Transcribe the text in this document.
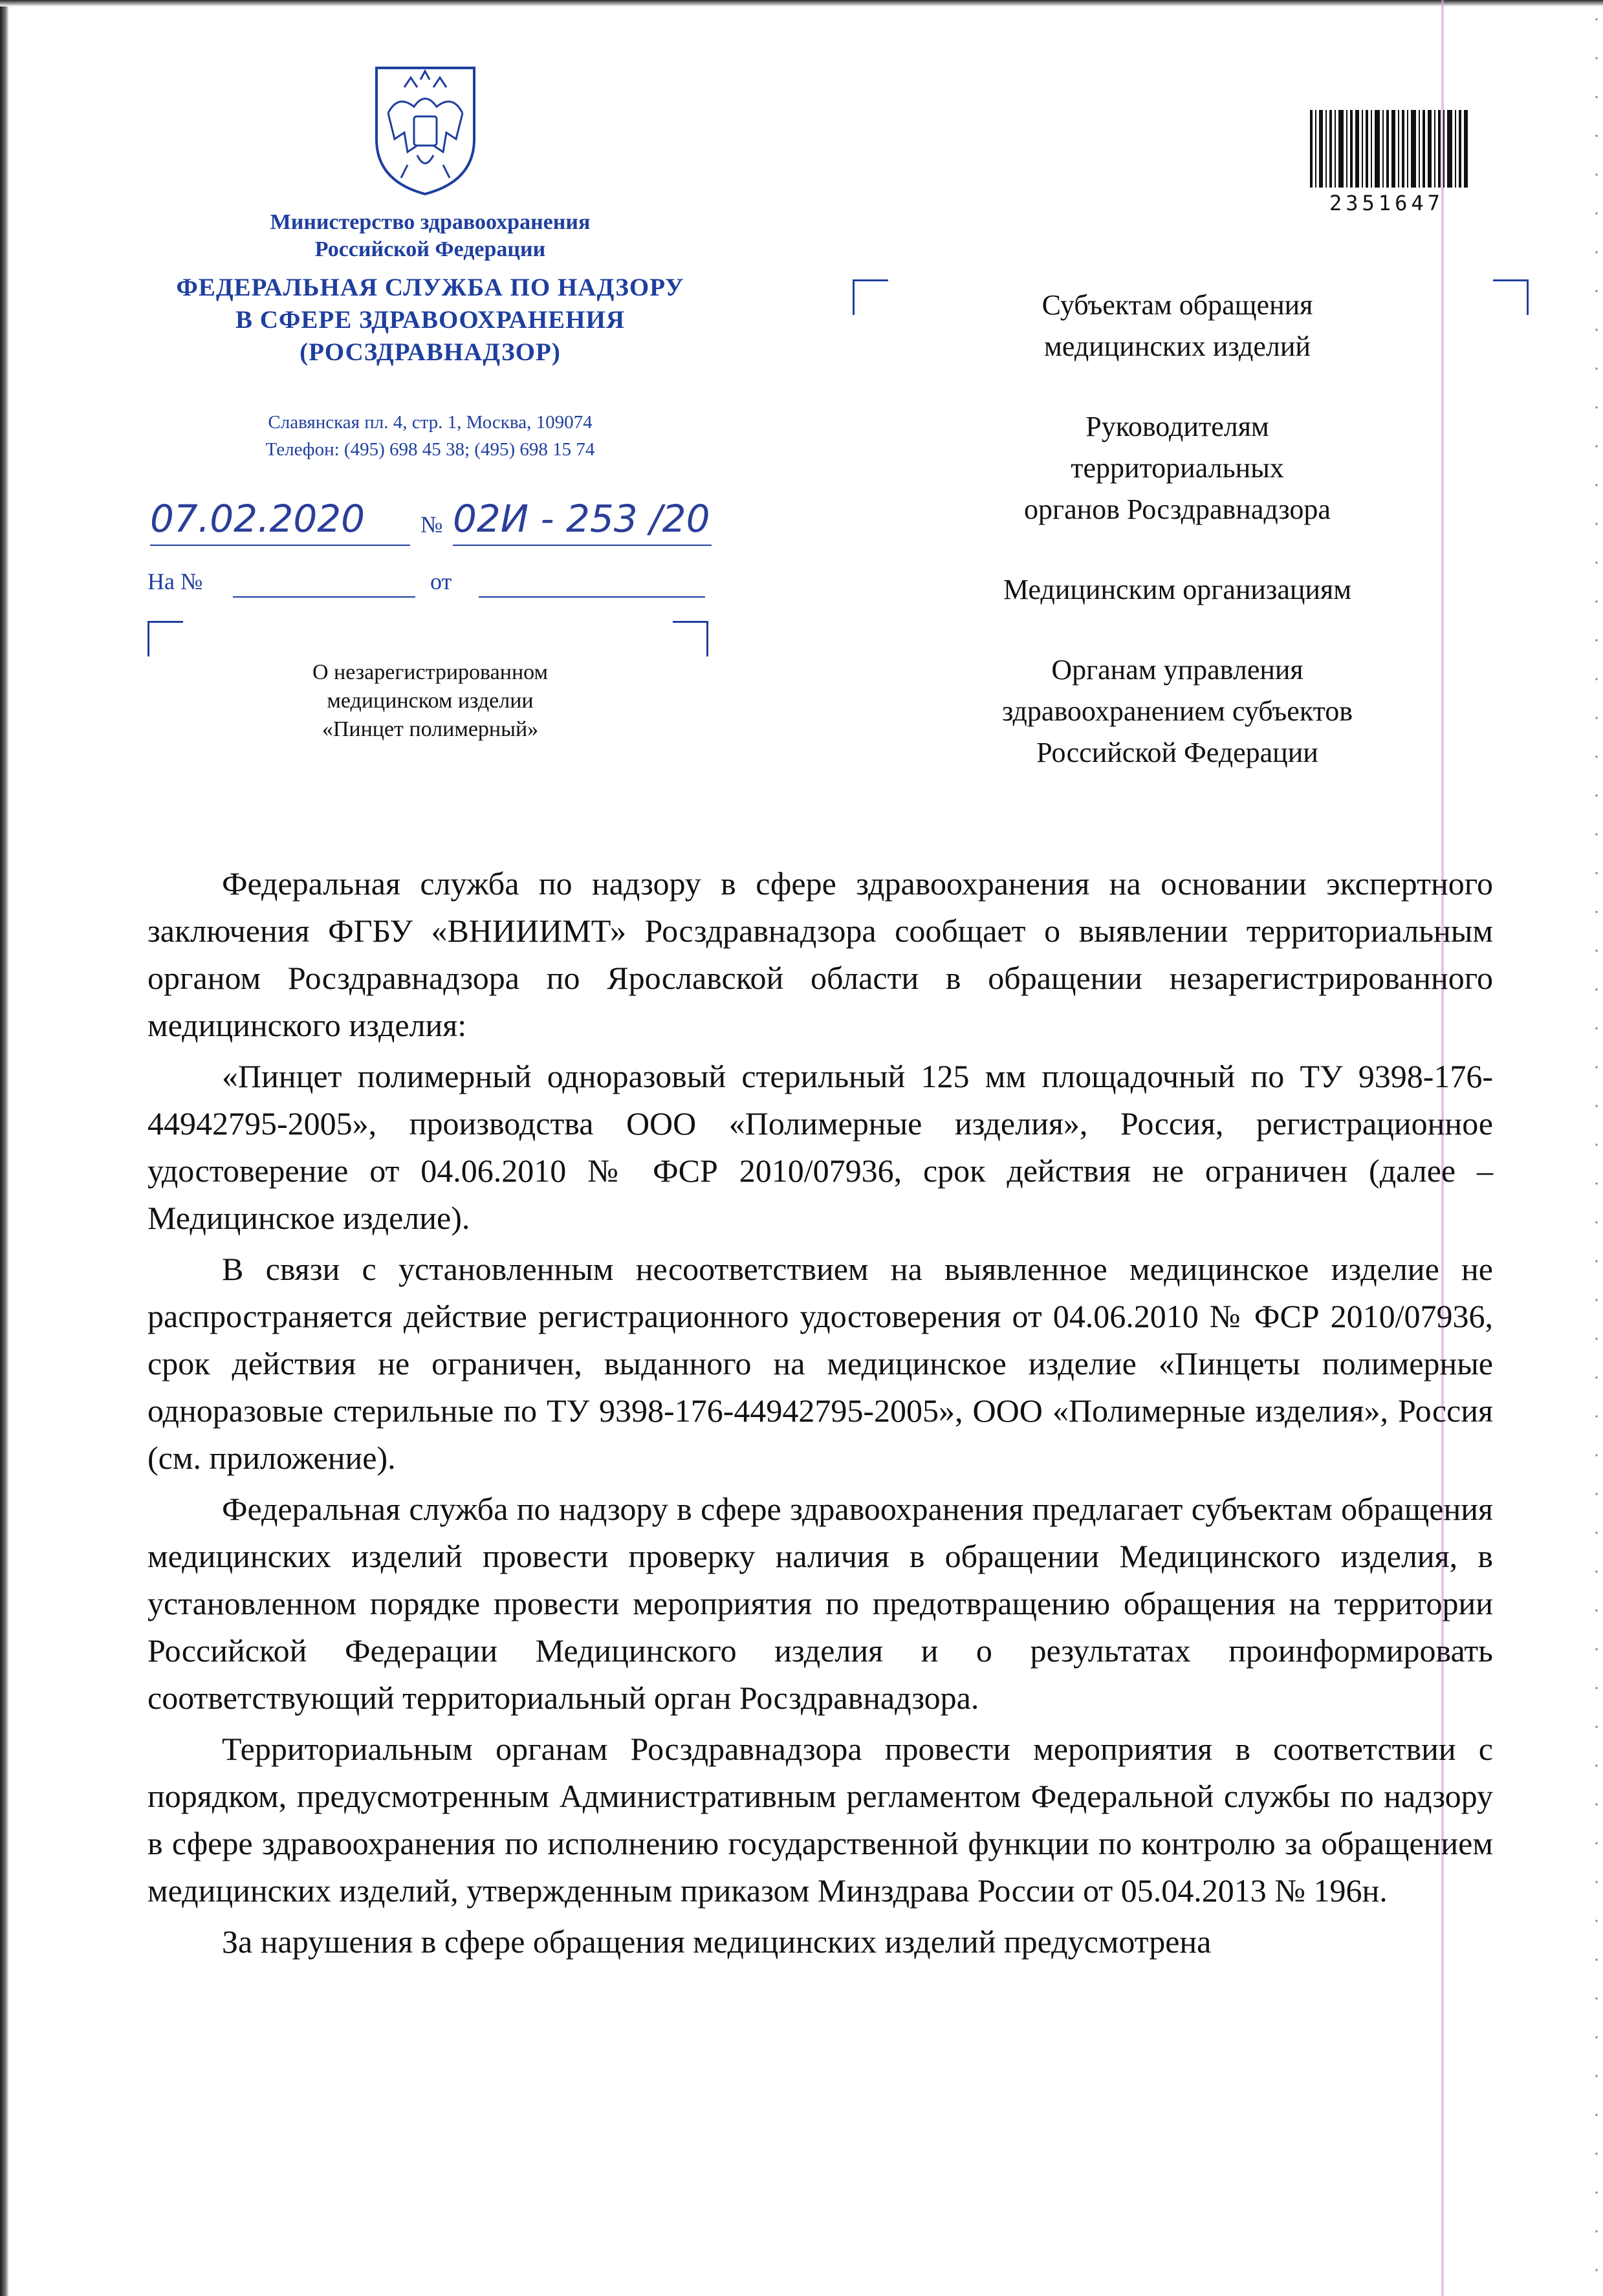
Министерство здравоохранения
Российской Федерации
ФЕДЕРАЛЬНАЯ СЛУЖБА ПО НАДЗОРУ
В СФЕРЕ ЗДРАВООХРАНЕНИЯ
(РОСЗДРАВНАДЗОР)
Славянская пл. 4, стр. 1, Москва, 109074
Телефон: (495) 698 45 38; (495) 698 15 74
07.02.2020	№ 02И - 253 /20
На №	от
О незарегистрированном
медицинском изделии
«Пинцет полимерный»
2351647
Субъектам обращения
медицинских изделий
Руководителям
территориальных
органов Росздравнадзора
Медицинским организациям
Органам управления
здравоохранением субъектов
Российской Федерации

Федеральная служба по надзору в сфере здравоохранения на основании экспертного заключения ФГБУ «ВНИИИМТ» Росздравнадзора сообщает о выявлении территориальным органом Росздравнадзора по Ярославской области в обращении незарегистрированного медицинского изделия:

«Пинцет полимерный одноразовый стерильный 125 мм площадочный по ТУ 9398-176-44942795-2005», производства ООО «Полимерные изделия», Россия, регистрационное удостоверение от 04.06.2010 № ФСР 2010/07936, срок действия не ограничен (далее – Медицинское изделие).

В связи с установленным несоответствием на выявленное медицинское изделие не распространяется действие регистрационного удостоверения от 04.06.2010 № ФСР 2010/07936, срок действия не ограничен, выданного на медицинское изделие «Пинцеты полимерные одноразовые стерильные по ТУ 9398-176-44942795-2005», ООО «Полимерные изделия», Россия (см. приложение).

Федеральная служба по надзору в сфере здравоохранения предлагает субъектам обращения медицинских изделий провести проверку наличия в обращении Медицинского изделия, в установленном порядке провести мероприятия по предотвращению обращения на территории Российской Федерации Медицинского изделия и о результатах проинформировать соответствующий территориальный орган Росздравнадзора.

Территориальным органам Росздравнадзора провести мероприятия в соответствии с порядком, предусмотренным Административным регламентом Федеральной службы по надзору в сфере здравоохранения по исполнению государственной функции по контролю за обращением медицинских изделий, утвержденным приказом Минздрава России от 05.04.2013 № 196н.

За нарушения в сфере обращения медицинских изделий предусмотрена
